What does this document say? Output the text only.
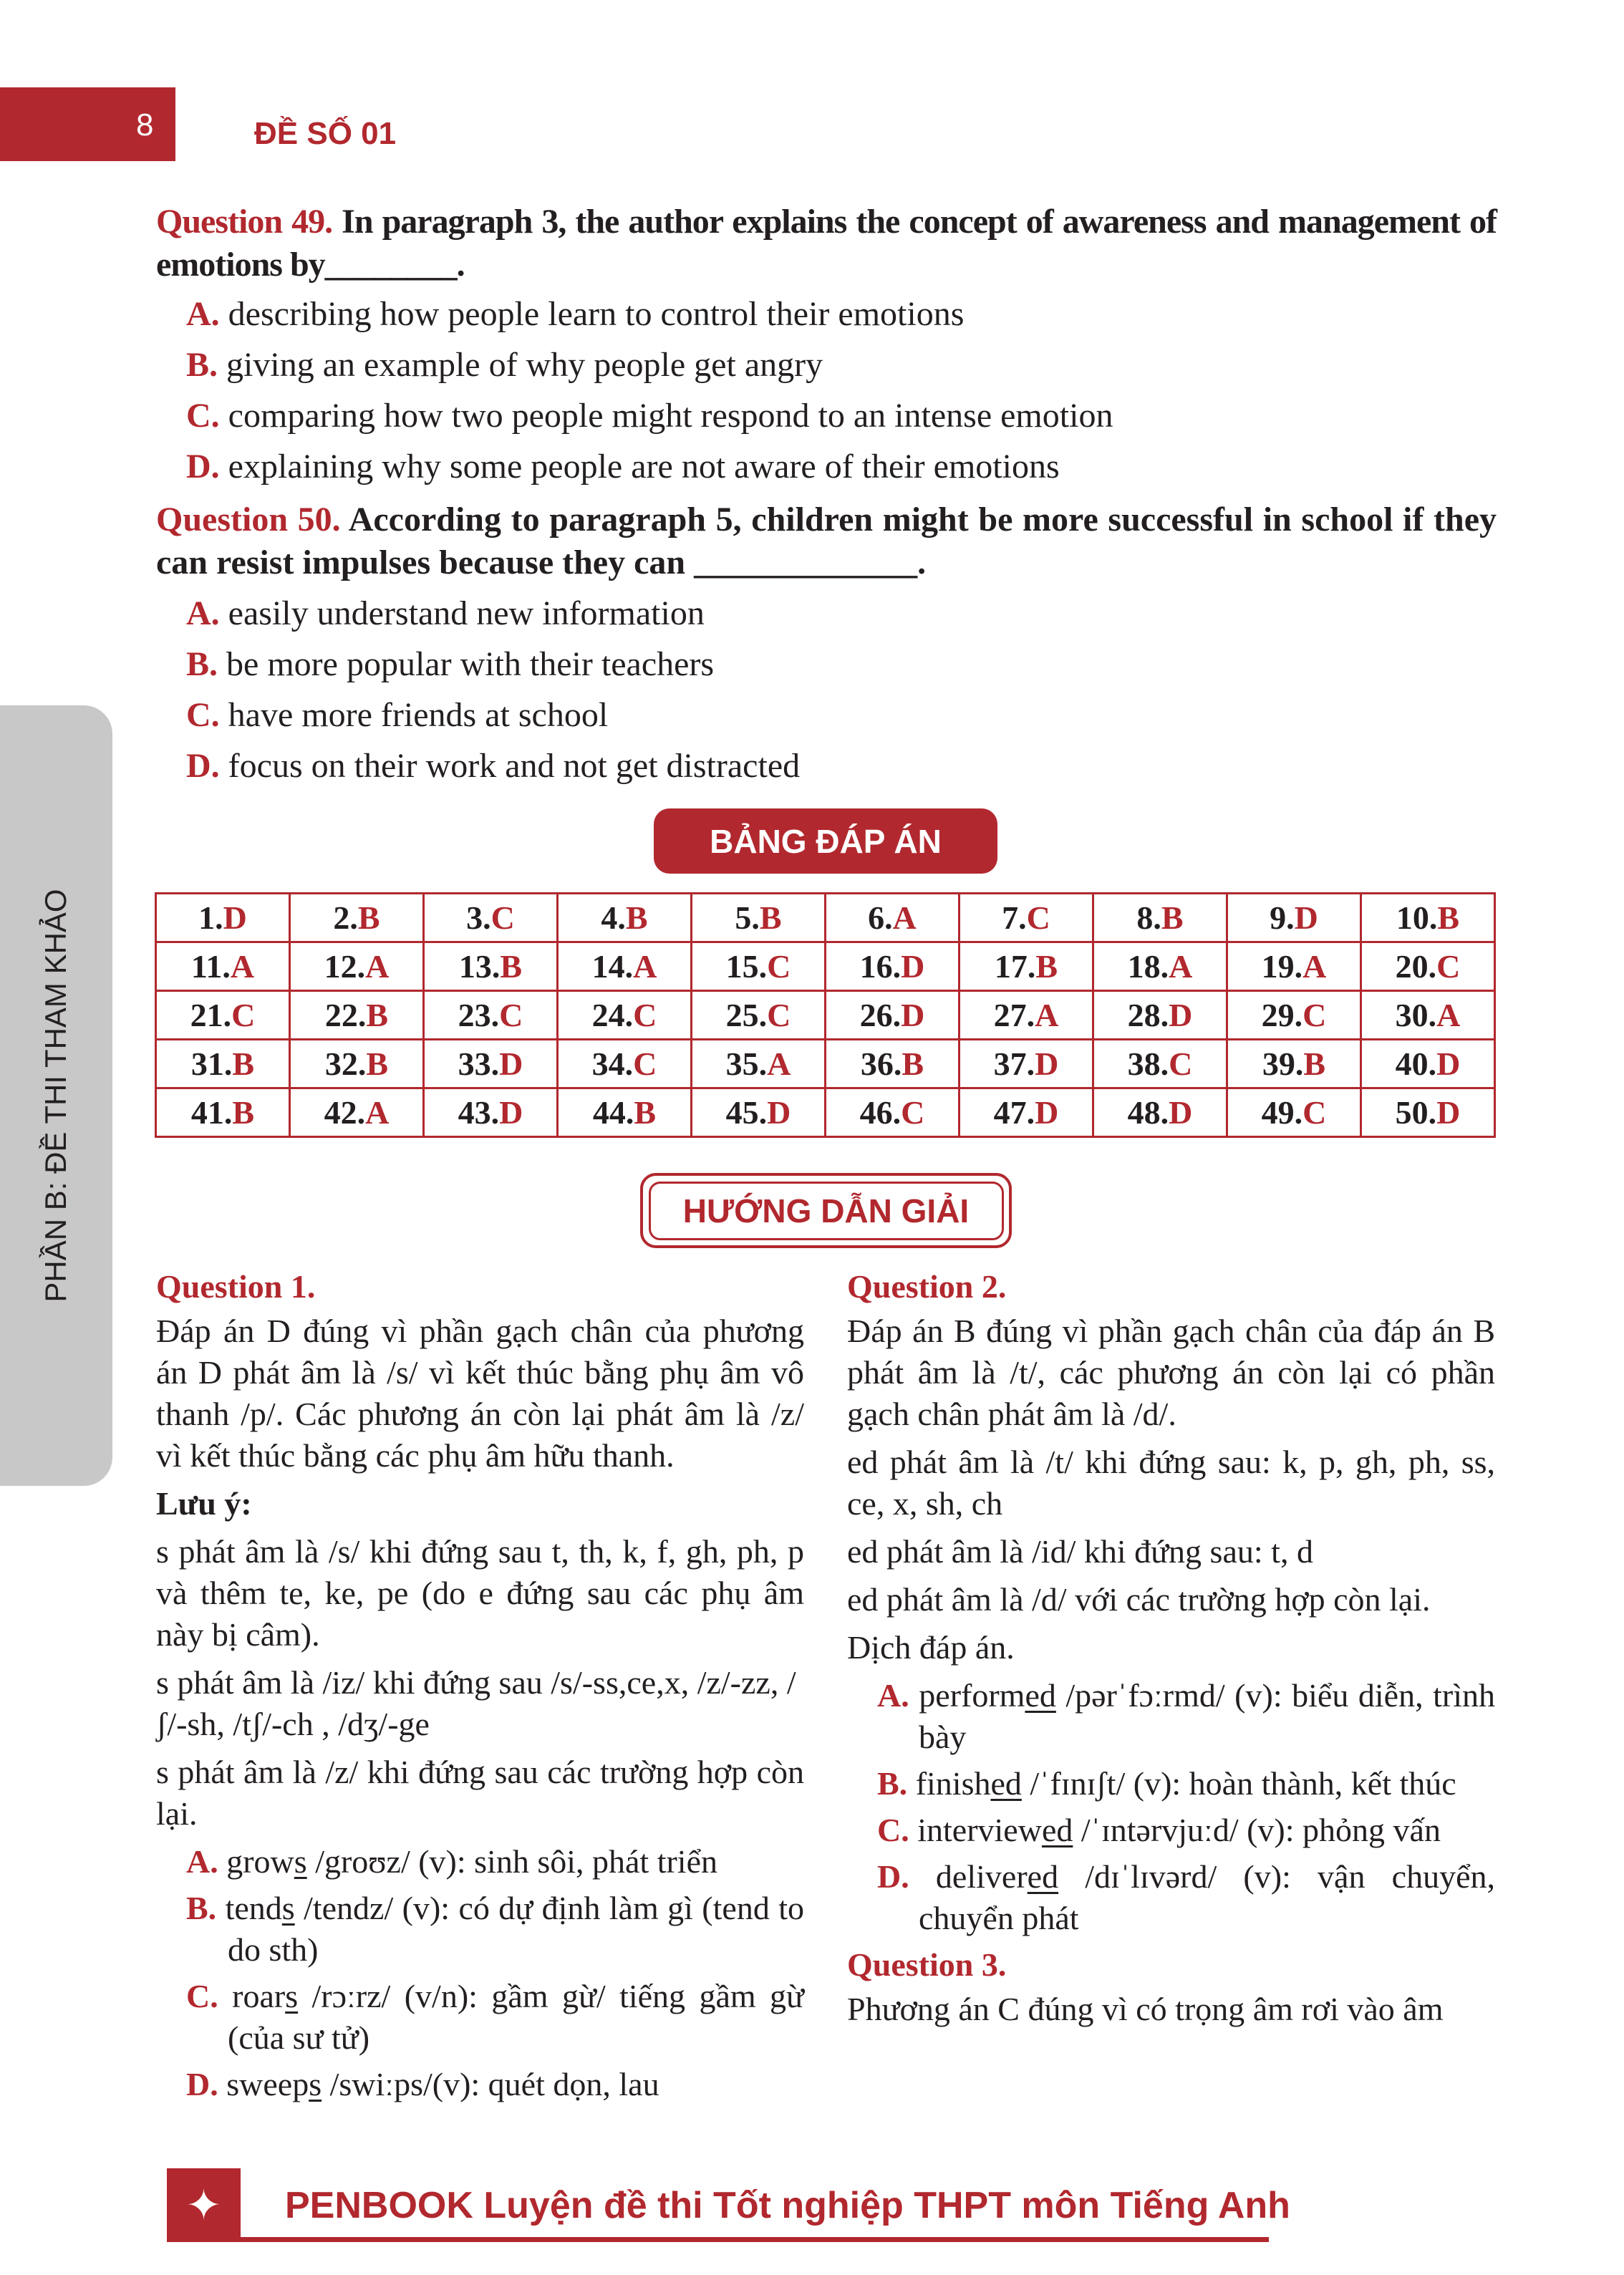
8	ĐỀ SỐ 01
PHẦN B: ĐỀ THI THAM KHẢO
Question 49. In paragraph 3, the author explains the concept of awareness and management of emotions by________.
A. describing how people learn to control their emotions
B. giving an example of why people get angry
C. comparing how two people might respond to an intense emotion
D. explaining why some people are not aware of their emotions
Question 50. According to paragraph 5, children might be more successful in school if they can resist impulses because they can _____________.
A. easily understand new information
B. be more popular with their teachers
C. have more friends at school
D. focus on their work and not get distracted
BẢNG ĐÁP ÁN
1.D	2.B	3.C	4.B	5.B	6.A	7.C	8.B	9.D	10.B
11.A	12.A	13.B	14.A	15.C	16.D	17.B	18.A	19.A	20.C
21.C	22.B	23.C	24.C	25.C	26.D	27.A	28.D	29.C	30.A
31.B	32.B	33.D	34.C	35.A	36.B	37.D	38.C	39.B	40.D
41.B	42.A	43.D	44.B	45.D	46.C	47.D	48.D	49.C	50.D
HƯỚNG DẪN GIẢI

Question 1.

Đáp án D đúng vì phần gạch chân của phương án D phát âm là /s/ vì kết thúc bằng phụ âm vô thanh /p/. Các phương án còn lại phát âm là /z/ vì kết thúc bằng các phụ âm hữu thanh.

Lưu ý:

s phát âm là /s/ khi đứng sau t, th, k, f, gh, ph, p và thêm te, ke, pe (do e đứng sau các phụ âm này bị câm).

s phát âm là /iz/ khi đứng sau /s/-ss,ce,x, /z/-zz, /ʃ/-sh, /tʃ/-ch , /dʒ/-ge

s phát âm là /z/ khi đứng sau các trường hợp còn lại.

A. grows /groʊz/ (v): sinh sôi, phát triển

B. tends /tendz/ (v): có dự định làm gì (tend to do sth)

C. roars /rɔːrz/ (v/n): gầm gừ/ tiếng gầm gừ (của sư tử)

D. sweeps /swiːps/(v): quét dọn, lau

Question 2.

Đáp án B đúng vì phần gạch chân của đáp án B phát âm là /t/, các phương án còn lại có phần gạch chân phát âm là /d/.

ed phát âm là /t/ khi đứng sau: k, p, gh, ph, ss, ce, x, sh, ch

ed phát âm là /id/ khi đứng sau: t, d

ed phát âm là /d/ với các trường hợp còn lại.

Dịch đáp án.

A. performed /pərˈfɔːrmd/ (v): biểu diễn, trình bày

B. finished /ˈfɪnɪʃt/ (v): hoàn thành, kết thúc

C. interviewed /ˈɪntərvjuːd/ (v): phỏng vấn

D. delivered /dɪˈlɪvərd/ (v): vận chuyển, chuyển phát

Question 3.

Phương án C đúng vì có trọng âm rơi vào âm

✦	PENBOOK Luyện đề thi Tốt nghiệp THPT môn Tiếng Anh
